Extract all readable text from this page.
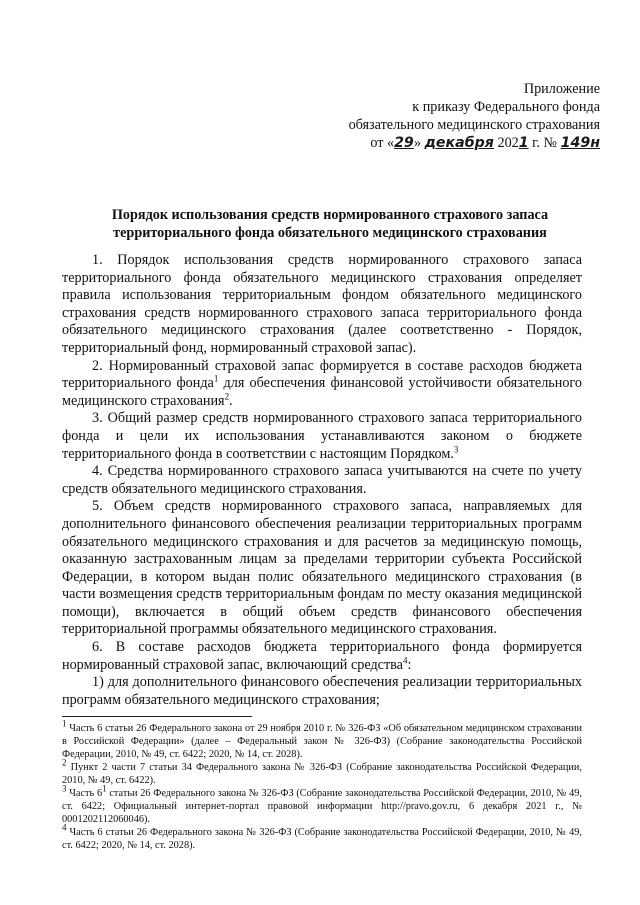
Приложение
к приказу Федерального фонда
обязательного медицинского страхования
от «29» декабря 2021 г. № 149н
Порядок использования средств нормированного страхового запаса
территориального фонда обязательного медицинского страхования

1. Порядок использования средств нормированного страхового запаса территориального фонда обязательного медицинского страхования определяет правила использования территориальным фондом обязательного медицинского страхования средств нормированного страхового запаса территориального фонда обязательного медицинского страхования (далее соответственно - Порядок, территориальный фонд, нормированный страховой запас).

2. Нормированный страховой запас формируется в составе расходов бюджета территориального фонда$^1$ для обеспечения финансовой устойчивости обязательного медицинского страхования$^2$.

3. Общий размер средств нормированного страхового запаса территориального фонда и цели их использования устанавливаются законом о бюджете территориального фонда в соответствии с настоящим Порядком.$^3$

4. Средства нормированного страхового запаса учитываются на счете по учету средств обязательного медицинского страхования.

5. Объем средств нормированного страхового запаса, направляемых для дополнительного финансового обеспечения реализации территориальных программ обязательного медицинского страхования и для расчетов за медицинскую помощь, оказанную застрахованным лицам за пределами территории субъекта Российской Федерации, в котором выдан полис обязательного медицинского страхования (в части возмещения средств территориальным фондам по месту оказания медицинской помощи), включается в общий объем средств финансового обеспечения территориальной программы обязательного медицинского страхования.

6. В составе расходов бюджета территориального фонда формируется нормированный страховой запас, включающий средства$^4$:

1) для дополнительного финансового обеспечения реализации территориальных программ обязательного медицинского страхования;

$^1$ Часть 6 статьи 26 Федерального закона от 29 ноября 2010 г. № 326-ФЗ «Об обязательном медицинском страховании в Российской Федерации» (далее – Федеральный закон № 326-ФЗ) (Собрание законодательства Российской Федерации, 2010, № 49, ст. 6422; 2020, № 14, ст. 2028).

$^2$ Пункт 2 части 7 статьи 34 Федерального закона № 326-ФЗ (Собрание законодательства Российской Федерации, 2010, № 49, ст. 6422).

$^3$ Часть $6^1$ статьи 26 Федерального закона № 326-ФЗ (Собрание законодательства Российской Федерации, 2010, № 49, ст. 6422; Официальный интернет-портал правовой информации http://pravo.gov.ru, 6 декабря 2021 г., № 0001202112060046).

$^4$ Часть 6 статьи 26 Федерального закона № 326-ФЗ (Собрание законодательства Российской Федерации, 2010, № 49, ст. 6422; 2020, № 14, ст. 2028).
